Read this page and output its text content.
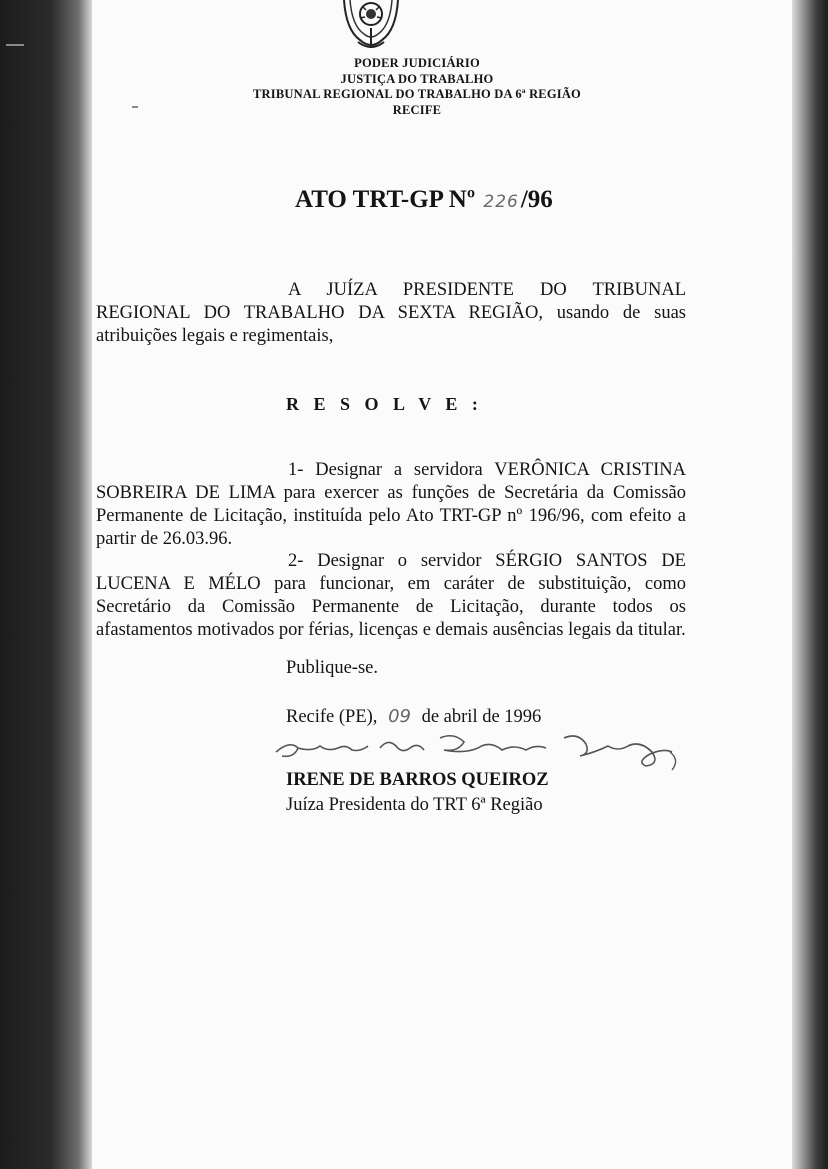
PODER JUDICIÁRIO
JUSTIÇA DO TRABALHO
TRIBUNAL REGIONAL DO TRABALHO DA 6ª REGIÃO
RECIFE
ATO TRT-GP Nº 226/96
A JUÍZA PRESIDENTE DO TRIBUNAL REGIONAL DO TRABALHO DA SEXTA REGIÃO, usando de suas atribuições legais e regimentais,
R E S O L V E :
1- Designar a servidora VERÔNICA CRISTINA SOBREIRA DE LIMA para exercer as funções de Secretária da Comissão Permanente de Licitação, instituída pelo Ato TRT-GP nº 196/96, com efeito a partir de 26.03.96.
2- Designar o servidor SÉRGIO SANTOS DE LUCENA E MÉLO para funcionar, em caráter de substituição, como Secretário da Comissão Permanente de Licitação, durante todos os afastamentos motivados por férias, licenças e demais ausências legais da titular.
Publique-se.
Recife (PE), 09 de abril de 1996
IRENE DE BARROS QUEIROZ
Juíza Presidenta do TRT 6ª Região
